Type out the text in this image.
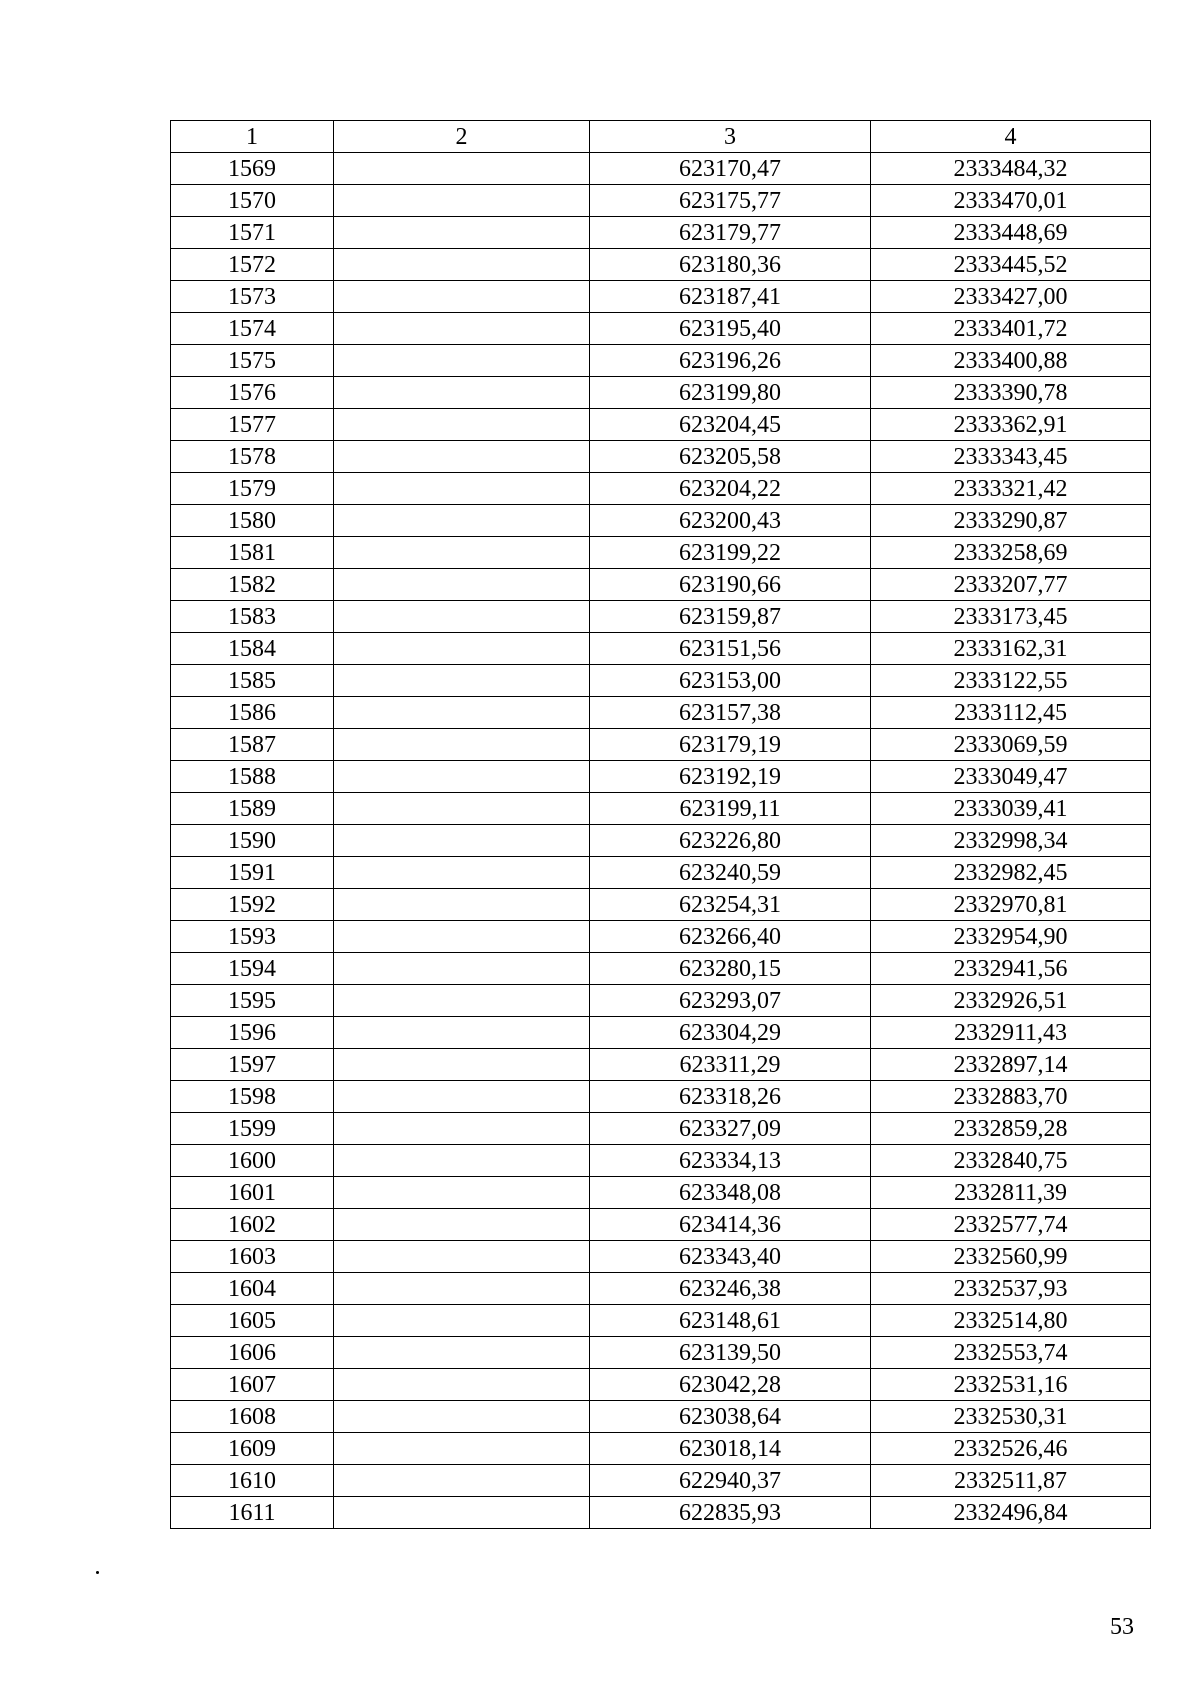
1	2	3	4
1569		623170,47	2333484,32
1570		623175,77	2333470,01
1571		623179,77	2333448,69
1572		623180,36	2333445,52
1573		623187,41	2333427,00
1574		623195,40	2333401,72
1575		623196,26	2333400,88
1576		623199,80	2333390,78
1577		623204,45	2333362,91
1578		623205,58	2333343,45
1579		623204,22	2333321,42
1580		623200,43	2333290,87
1581		623199,22	2333258,69
1582		623190,66	2333207,77
1583		623159,87	2333173,45
1584		623151,56	2333162,31
1585		623153,00	2333122,55
1586		623157,38	2333112,45
1587		623179,19	2333069,59
1588		623192,19	2333049,47
1589		623199,11	2333039,41
1590		623226,80	2332998,34
1591		623240,59	2332982,45
1592		623254,31	2332970,81
1593		623266,40	2332954,90
1594		623280,15	2332941,56
1595		623293,07	2332926,51
1596		623304,29	2332911,43
1597		623311,29	2332897,14
1598		623318,26	2332883,70
1599		623327,09	2332859,28
1600		623334,13	2332840,75
1601		623348,08	2332811,39
1602		623414,36	2332577,74
1603		623343,40	2332560,99
1604		623246,38	2332537,93
1605		623148,61	2332514,80
1606		623139,50	2332553,74
1607		623042,28	2332531,16
1608		623038,64	2332530,31
1609		623018,14	2332526,46
1610		622940,37	2332511,87
1611		622835,93	2332496,84
53
